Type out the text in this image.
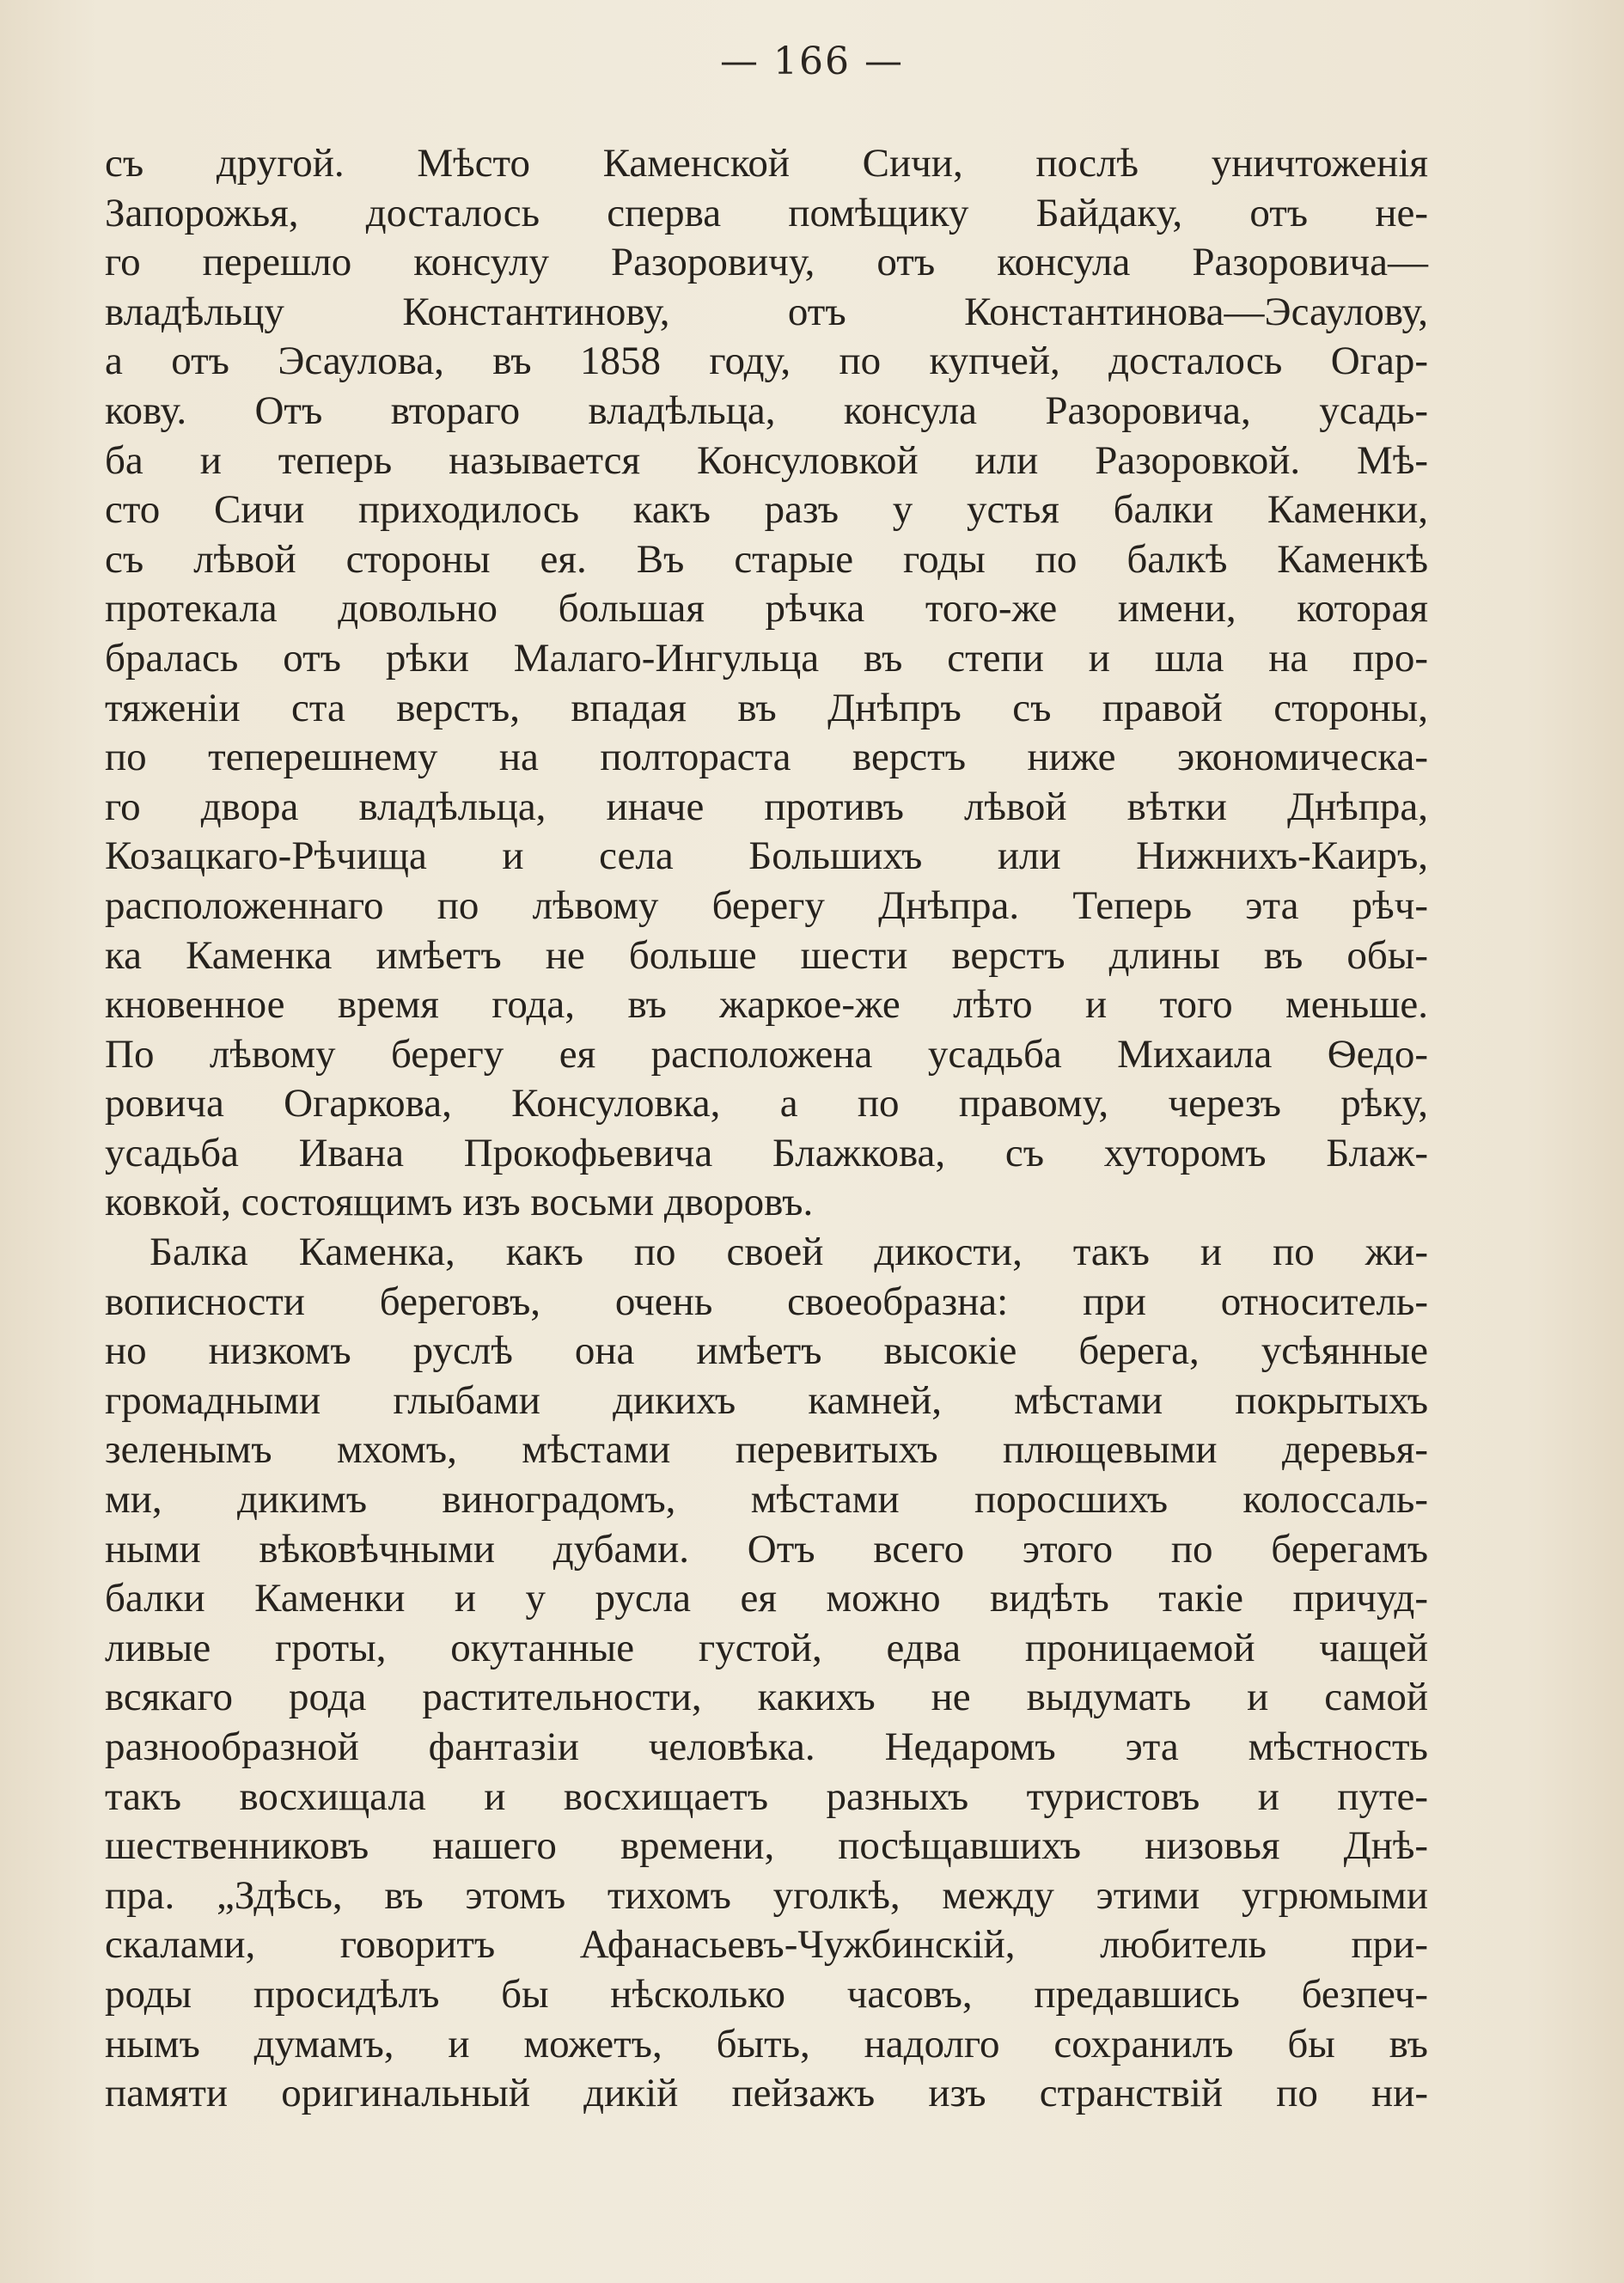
— 166 —
съ другой. Мѣсто Каменской Сичи, послѣ уничтоженія
Запорожья, досталось сперва помѣщику Байдаку, отъ не-
го перешло консулу Разоровичу, отъ консула Разоровича—
владѣльцу Константинову, отъ Константинова—Эсаулову,
а отъ Эсаулова, въ 1858 году, по купчей, досталось Огар-
кову. Отъ втораго владѣльца, консула Разоровича, усадь-
ба и теперь называется Консуловкой или Разоровкой. Мѣ-
сто Сичи приходилось какъ разъ у устья балки Каменки,
съ лѣвой стороны ея. Въ старые годы по балкѣ Каменкѣ
протекала довольно большая рѣчка того-же имени, которая
бралась отъ рѣки Малаго-Ингульца въ степи и шла на про-
тяженіи ста верстъ, впадая въ Днѣпръ съ правой стороны,
по теперешнему на полтораста верстъ ниже экономическа-
го двора владѣльца, иначе противъ лѣвой вѣтки Днѣпра,
Козацкаго-Рѣчища и села Большихъ или Нижнихъ-Каиръ,
расположеннаго по лѣвому берегу Днѣпра. Теперь эта рѣч-
ка Каменка имѣетъ не больше шести верстъ длины въ обы-
кновенное время года, въ жаркое-же лѣто и того меньше.
По лѣвому берегу ея расположена усадьба Михаила Ѳедо-
ровича Огаркова, Консуловка, а по правому, черезъ рѣку,
усадьба Ивана Прокофьевича Блажкова, съ хуторомъ Блаж-
ковкой, состоящимъ изъ восьми дворовъ.
Балка Каменка, какъ по своей дикости, такъ и по жи-
вописности береговъ, очень своеобразна: при относитель-
но низкомъ руслѣ она имѣетъ высокіе берега, усѣянные
громадными глыбами дикихъ камней, мѣстами покрытыхъ
зеленымъ мхомъ, мѣстами перевитыхъ плющевыми деревья-
ми, дикимъ виноградомъ, мѣстами поросшихъ колоссаль-
ными вѣковѣчными дубами. Отъ всего этого по берегамъ
балки Каменки и у русла ея можно видѣть такіе причуд-
ливые гроты, окутанные густой, едва проницаемой чащей
всякаго рода растительности, какихъ не выдумать и самой
разнообразной фантазіи человѣка. Недаромъ эта мѣстность
такъ восхищала и восхищаетъ разныхъ туристовъ и путе-
шественниковъ нашего времени, посѣщавшихъ низовья Днѣ-
пра. „Здѣсь, въ этомъ тихомъ уголкѣ, между этими угрюмыми
скалами, говоритъ Афанасьевъ-Чужбинскій, любитель при-
роды просидѣлъ бы нѣсколько часовъ, предавшись безпеч-
нымъ думамъ, и можетъ, быть, надолго сохранилъ бы въ
памяти оригинальный дикій пейзажъ изъ странствій по ни-
